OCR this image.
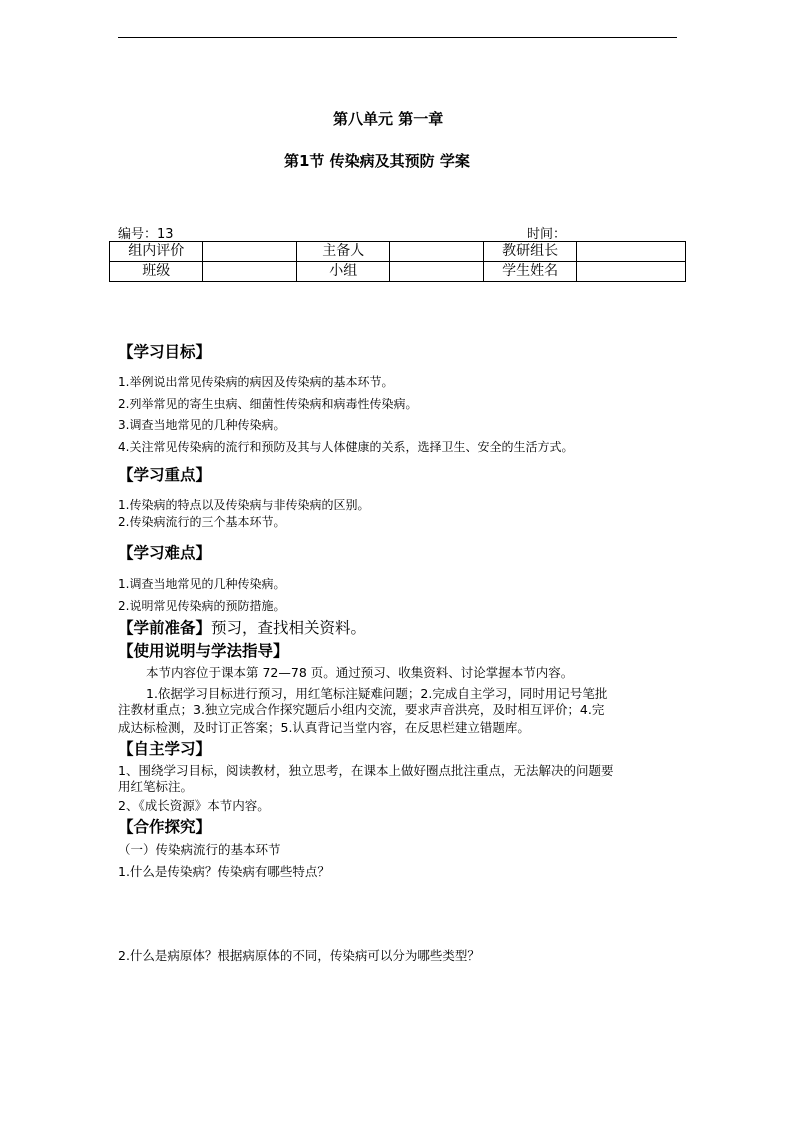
第八单元 第一章
第1节 传染病及其预防 学案
编号：13	时间：
组内评价		主备人		教研组长	
班级		小组		学生姓名	
【学习目标】
1.举例说出常见传染病的病因及传染病的基本环节。
2.列举常见的寄生虫病、细菌性传染病和病毒性传染病。
3.调查当地常见的几种传染病。
4.关注常见传染病的流行和预防及其与人体健康的关系，选择卫生、安全的生活方式。
【学习重点】
1.传染病的特点以及传染病与非传染病的区别。
2.传染病流行的三个基本环节。
【学习难点】
1.调查当地常见的几种传染病。
2.说明常见传染病的预防措施。
【学前准备】预习，查找相关资料。
【使用说明与学法指导】
本节内容位于课本第 72—78 页。通过预习、收集资料、讨论掌握本节内容。
1.依据学习目标进行预习，用红笔标注疑难问题；2.完成自主学习，同时用记号笔批
注教材重点；3.独立完成合作探究题后小组内交流，要求声音洪亮，及时相互评价；4.完
成达标检测，及时订正答案；5.认真背记当堂内容，在反思栏建立错题库。
【自主学习】
1、围绕学习目标，阅读教材，独立思考，在课本上做好圈点批注重点，无法解决的问题要
用红笔标注。
2、《成长资源》本节内容。
【合作探究】
（一）传染病流行的基本环节
1.什么是传染病？传染病有哪些特点？
2.什么是病原体？根据病原体的不同，传染病可以分为哪些类型？
